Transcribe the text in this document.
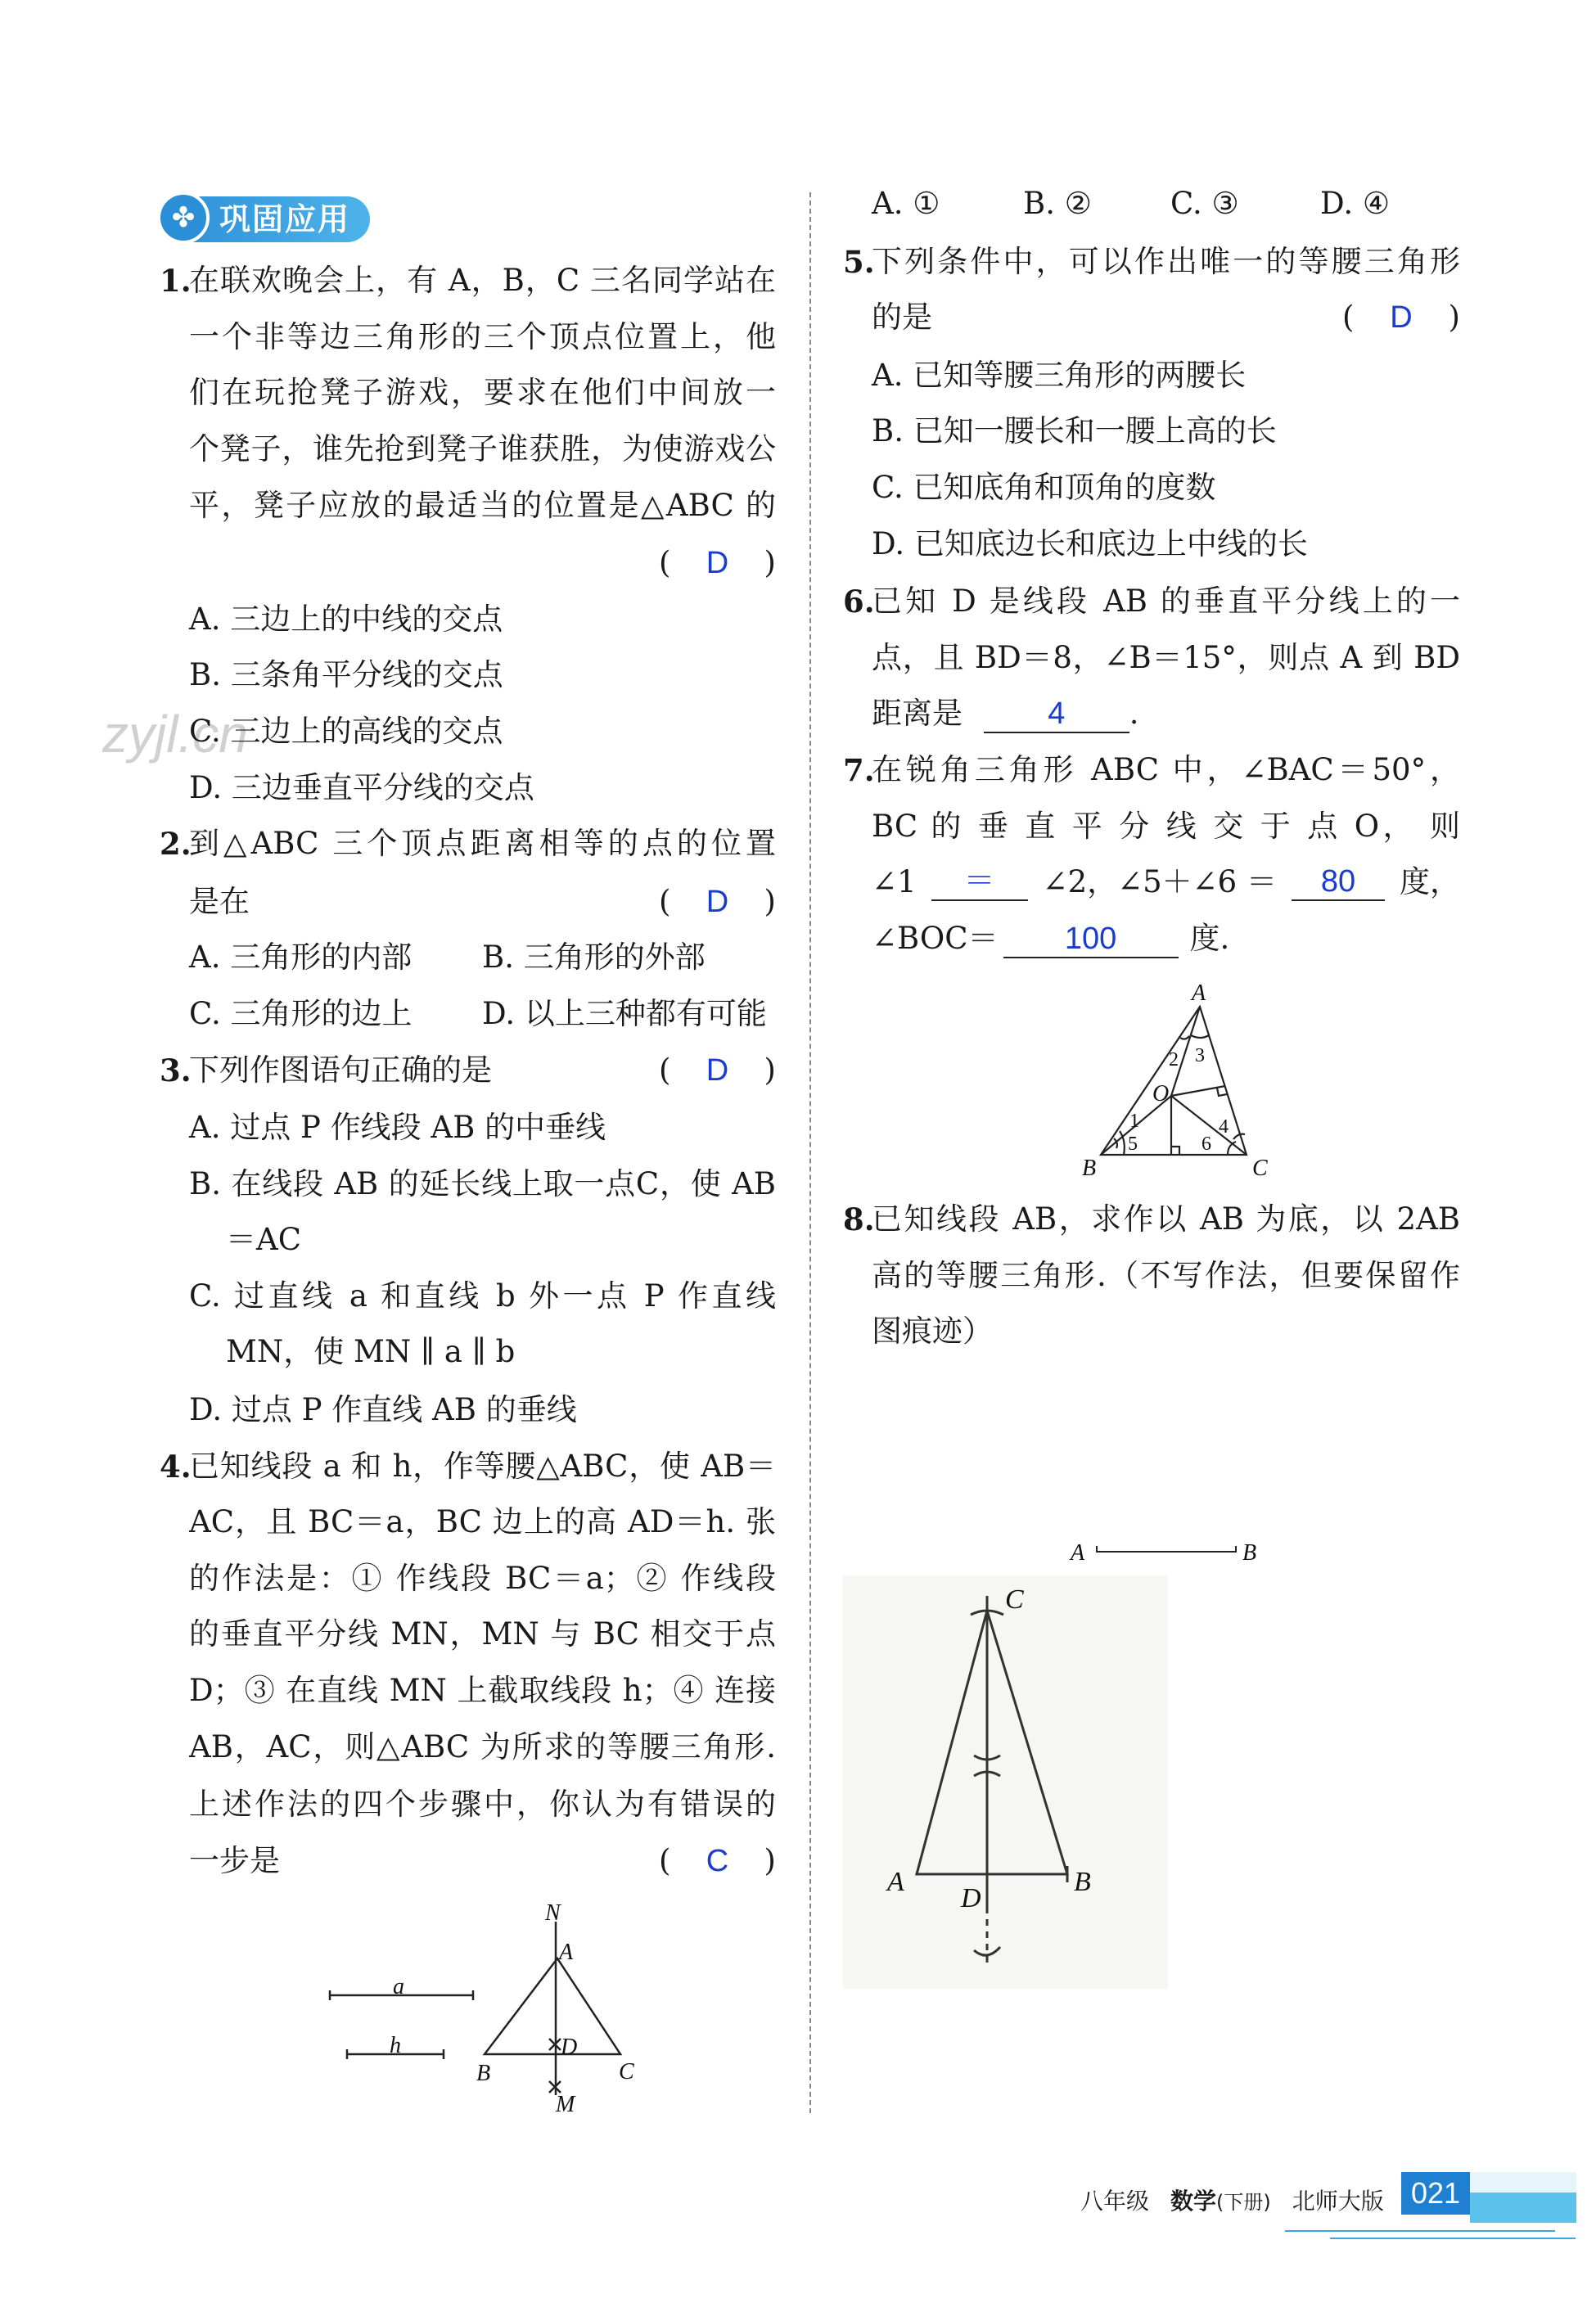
✤ 巩固应用
zyjl.cn
1.
在联欢晚会上，有 A，B，C 三名同学站在
一个非等边三角形的三个顶点位置上，他
们在玩抢凳子游戏，要求在他们中间放一
个凳子，谁先抢到凳子谁获胜，为使游戏公
平，凳子应放的最适当的位置是△ABC 的
( D )
A. 三边上的中线的交点
B. 三条角平分线的交点
C. 三边上的高线的交点
D. 三边垂直平分线的交点
2.
到△ABC 三个顶点距离相等的点的位置
是在	( D )
A. 三角形的内部 B. 三角形的外部
C. 三角形的边上 D. 以上三种都有可能
3.
下列作图语句正确的是	( D )
A. 过点 P 作线段 AB 的中垂线
B. 在线段 AB 的延长线上取一点C，使 AB
＝AC
C. 过直线 a 和直线 b 外一点 P 作直线
MN，使 MN ∥ a ∥ b
D. 过点 P 作直线 AB 的垂线
4.
已知线段 a 和 h，作等腰△ABC，使 AB＝
AC，且 BC＝a，BC 边上的高 AD＝h. 张
的作法是：① 作线段 BC＝a；② 作线段
的垂直平分线 MN，MN 与 BC 相交于点
D；③ 在直线 MN 上截取线段 h；④ 连接
AB，AC，则△ABC 为所求的等腰三角形.
上述作法的四个步骤中，你认为有错误的
一步是	( C )
A. ①	B. ②	C. ③	D. ④
5.
下列条件中，可以作出唯一的等腰三角形
的是	( D )
A. 已知等腰三角形的两腰长
B. 已知一腰长和一腰上高的长
C. 已知底角和顶角的度数
D. 已知底边长和底边上中线的长
6.
已知 D 是线段 AB 的垂直平分线上的一
点，且 BD＝8，∠B＝15°，则点 A 到 BD
距离是	4 .
7.
在锐角三角形 ABC 中，∠BAC＝50°，
BC 的 垂 直 平 分 线 交 于 点 O， 则
∠1	＝	∠2，∠5＋∠6 ＝	80	度，
∠BOC＝ 100 度.
8.
已知线段 AB，求作以 AB 为底，以 2AB
高的等腰三角形.（不写作法，但要保留作
图痕迹）
a
h
N
A
D
B	C
M
A
B	C
O
1
2 3
4
5	6
A	B
C
A	B
D
八年级 数学(下册) 北师大版 021
